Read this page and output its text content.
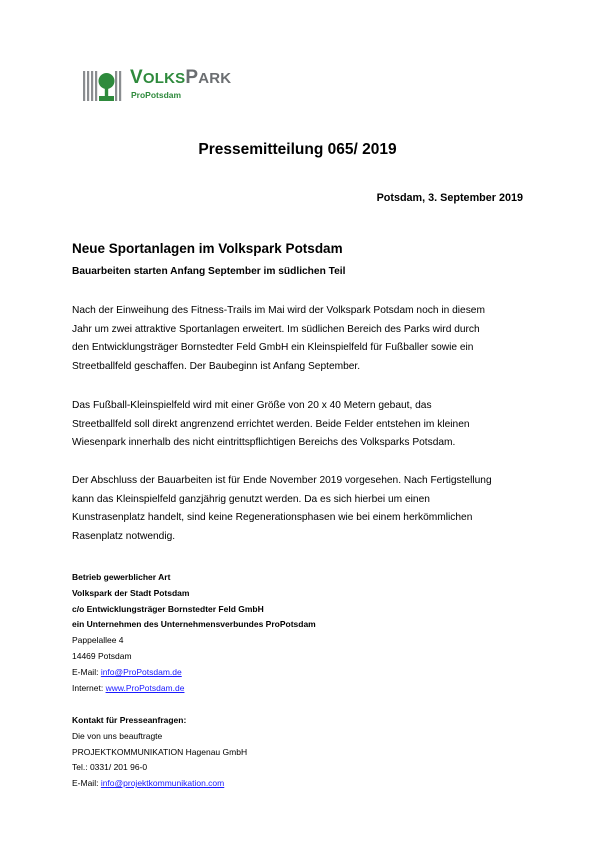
VOLKSPARK
ProPotsdam
Pressemitteilung 065/ 2019
Potsdam, 3. September 2019
Neue Sportanlagen im Volkspark Potsdam
Bauarbeiten starten Anfang September im südlichen Teil

Nach der Einweihung des Fitness-Trails im Mai wird der Volkspark Potsdam noch in diesem
Jahr um zwei attraktive Sportanlagen erweitert. Im südlichen Bereich des Parks wird durch
den Entwicklungsträger Bornstedter Feld GmbH ein Kleinspielfeld für Fußballer sowie ein
Streetballfeld geschaffen. Der Baubeginn ist Anfang September.

Das Fußball-Kleinspielfeld wird mit einer Größe von 20 x 40 Metern gebaut, das
Streetballfeld soll direkt angrenzend errichtet werden. Beide Felder entstehen im kleinen
Wiesenpark innerhalb des nicht eintrittspflichtigen Bereichs des Volksparks Potsdam.

Der Abschluss der Bauarbeiten ist für Ende November 2019 vorgesehen. Nach Fertigstellung
kann das Kleinspielfeld ganzjährig genutzt werden. Da es sich hierbei um einen
Kunstrasenplatz handelt, sind keine Regenerationsphasen wie bei einem herkömmlichen
Rasenplatz notwendig.

Betrieb gewerblicher Art
Volkspark der Stadt Potsdam
c/o Entwicklungsträger Bornstedter Feld GmbH
ein Unternehmen des Unternehmensverbundes ProPotsdam
Pappelallee 4
14469 Potsdam
E-Mail: info@ProPotsdam.de
Internet: www.ProPotsdam.de
Kontakt für Presseanfragen:
Die von uns beauftragte
PROJEKTKOMMUNIKATION Hagenau GmbH
Tel.: 0331/ 201 96-0
E-Mail: info@projektkommunikation.com
